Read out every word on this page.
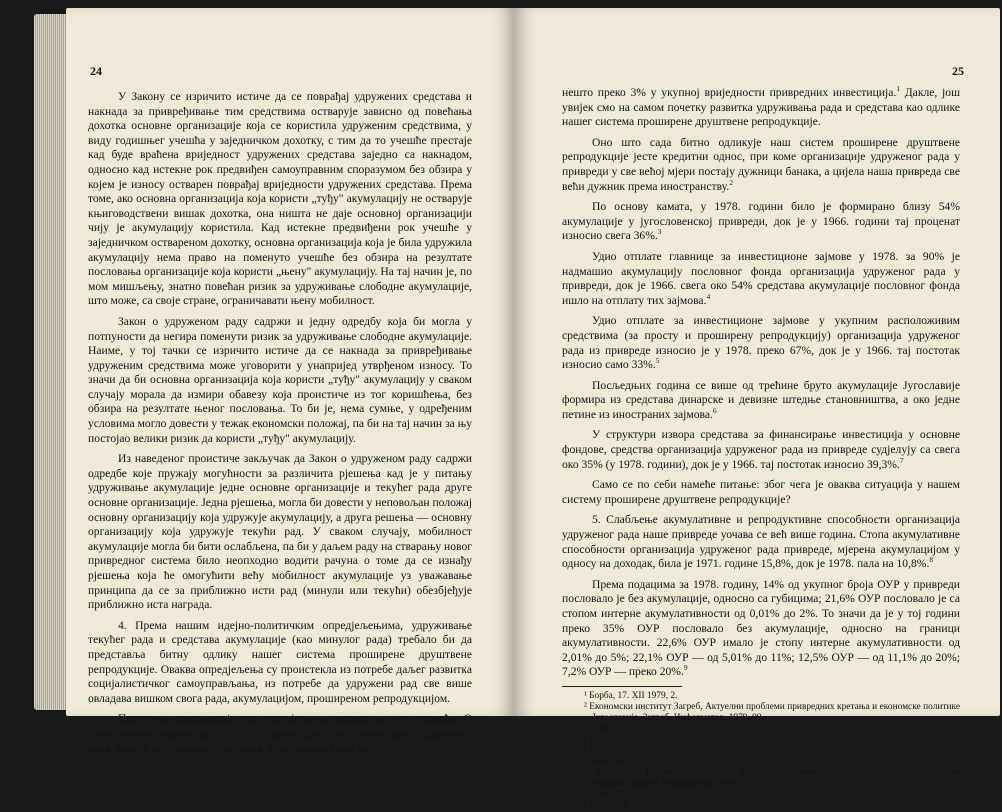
24

У Закону се изричито истиче да се поврађај удружених средстава и накнада за привређивање тим средствима остварује зависно од повећања дохотка основне организације која се користила удруженим средствима, у виду годишњег учешћа у заједничком дохотку, с тим да то учешће престаје кад буде враћена вриједност удружених средстава заједно са накнадом, односно кад истекне рок предвиђен самоуправним споразумом без обзира у којем је износу остварен поврађај вриједности удружених средстава. Према томе, ако основна организација која користи „туђу" акумулацију не остварује књиговодствени вишак дохотка, она ништа не даје основној организацији чију је акумулацију користила. Кад истекне предвиђени рок учешће у заједничком оствареном дохотку, основна организација која је била удружила акумулацију нема право на поменуто учешће без обзира на резултате пословања организације која користи „њену" акумулацију. На тај начин је, по мом мишљењу, знатно повећан ризик за удруживање слободне акумулације, што може, са своје стране, ограничавати њену мобилност.

Закон о удруженом раду садржи и једну одредбу која би могла у потпуности да негира поменути ризик за удруживање слободне акумулације. Наиме, у тој тачки се изричито истиче да се накнада за привређивање удруженим средствима може уговорити у унапријед утврђеном износу. То значи да би основна организација која користи „туђу" акумулацију у сваком случају морала да измири обавезу која проистиче из тог коришћења, без обзира на резултате њеног пословања. То би је, нема сумње, у одређеним условима могло довести у тежак економски положај, па би на тај начин за њу постојао велики ризик да користи „туђу" акумулацију.

Из наведеног проистиче закључак да Закон о удруженом раду садржи одредбе које пружају могућности за различита рјешења кад је у питању удруживање акумулације једне основне организације и текућег рада друге основне организације. Једна рјешења, могла би довести у неповољан положај основну организацију која удружује акумулацију, а друга решења — основну организацију која удружује текући рад. У сваком случају, мобилност акумулације могла би бити ослабљена, па би у даљем раду на стварању новог привредног система било неопходно водити рачуна о томе да се изнађу рјешења која ће омогућити већу мобилност акумулације уз уважавање принципа да се за приближно исти рад (минули или текући) обезбјеђује приближно иста награда.

4. Према нашим идејно-политичким опредјељењима, удруживање текућег рада и средстава акумулације (као минулог рада) требало би да представља битну одлику нашег система проширене друштвене репродукције. Оваква опредјељења су проистекла из потребе даљег развитка социјалистичког самоуправљања, из потребе да удружени рад све више овладава вишком свога рада, акумулацијом, проширеном репродукцијом.

Практична реализација тих опредјељења наилази на низ тешкоћа. О томе говори податак да су 1979. године средства организација удруженог рада, која су добровољно удружена, учествовала само са

25

нешто преко 3% у укупној вриједности привредних инвестиција.$^1$ Дакле, још увијек смо на самом почетку развитка удруживања рада и средстава као одлике нашег система проширене друштвене репродукције.

Оно што сада битно одликује наш систем проширене друштвене репродукције јесте кредитни однос, при коме организације удруженог рада у привреди у све већој мјери постају дужници банака, а цијела наша привреда све већи дужник према иностранству.$^2$

По основу камата, у 1978. години било је формирано близу 54% акумулације у југословенској привреди, док је у 1966. години тај проценат износио свега 36%.$^3$

Удио отплате главнице за инвестиционе зајмове у 1978. за 90% је надмашио акумулацију пословног фонда организација удруженог рада у привреди, док је 1966. свега око 54% средстава акумулације пословног фонда ишло на отплату тих зајмова.$^4$

Удио отплате за инвестиционе зајмове у укупним расположивим средствима (за просту и проширену репродукцију) организација удруженог рада из привреде износио је у 1978. преко 67%, док је у 1966. тај постотак износио само 33%.$^5$

Посљедњих година се више од трећине бруто акумулације Југославије формира из средстава динарске и девизне штедње становништва, а око једне петине из иностраних зајмова.$^6$

У структури извора средстава за финансирање инвестиција у основне фондове, средства организација удруженог рада из привреде судјелују са свега око 35% (у 1978. години), док је у 1966. тај постотак износио 39,3%.$^7$

Само се по себи намеће питање: због чега је оваква ситуација у нашем систему проширене друштвене репродукције?

5. Слабљење акумулативне и репродуктивне способности организација удруженог рада наше привреде уочава се већ више година. Стопа акумулативне способности организација удруженог рада привреде, мјерена акумулацијом у односу на доходак, била је 1971. године 15,8%, док је 1978. пала на 10,8%.$^8$

Према подацима за 1978. годину, 14% од укупног броја ОУР у привреди пословало је без акумулације, односно са губицима; 21,6% ОУР пословало је са стопом интерне акумулативности од 0,01% до 2%. То значи да је у тој години преко 35% ОУР пословало без акумулације, односно на граници акумулативности. 22,6% ОУР имало је стопу интерне акумулативности од 2,01% до 5%; 22,1% ОУР — од 5,01% до 11%; 12,5% ОУР — од 11,1% до 20%; 7,2% ОУР — преко 20%.$^9$

¹ Борба, 17. XII 1979, 2.
² Економски институт Загреб, Актуелни проблеми привредних кретања и економске политике Југославије, Загреб, Информатор, 1979, 99.
³ Исто, 103.
⁴ Исто, 103.
⁵ Исто, 103.
⁶ Исто, 101.
⁷ Исто, 101. Економски институт Загреб, Проблеми провођења друштвено-економске реформе, Загреб, Информатор, 1969, 23.
⁸ Исто, 87.
⁹ Исто, 104.
